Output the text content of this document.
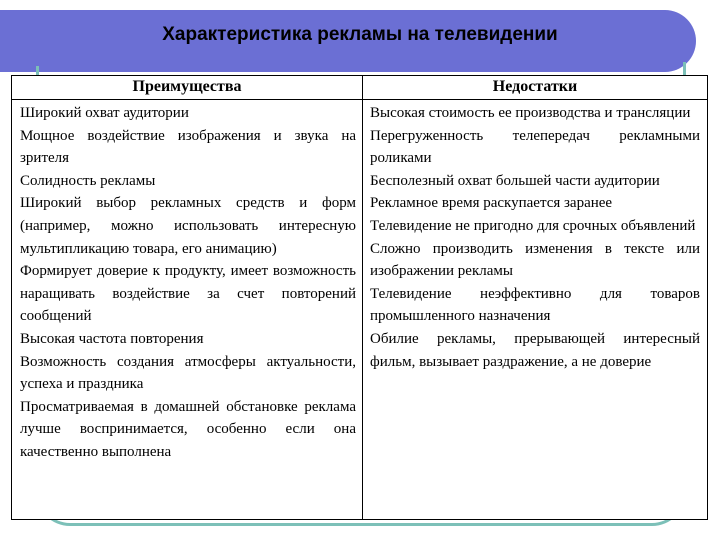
Характеристика рекламы на телевидении
Преимущества	Недостатки
Широкий охват аудитории
Мощное воздействие изображения и звука на зрителя
Солидность рекламы
Широкий выбор рекламных средств и форм (например, можно использовать интересную мультипликацию товара, его анимацию)
Формирует доверие к продукту, имеет возможность наращивать воздействие за счет повторений сообщений
Высокая частота повторения
Возможность создания атмосферы актуальности, успеха и праздника
Просматриваемая в домашней обстановке реклама лучше воспринимается, особенно если она качественно выполнена
Высокая стоимость ее производства и трансляции
Перегруженность телепередач рекламными роликами
Бесполезный охват большей части аудитории
Рекламное время раскупается заранее
Телевидение не пригодно для срочных объявлений
Сложно производить изменения в тексте или изображении рекламы
Телевидение неэффективно для товаров промышленного назначения
Обилие рекламы, прерывающей интересный фильм, вызывает раздражение, а не доверие
